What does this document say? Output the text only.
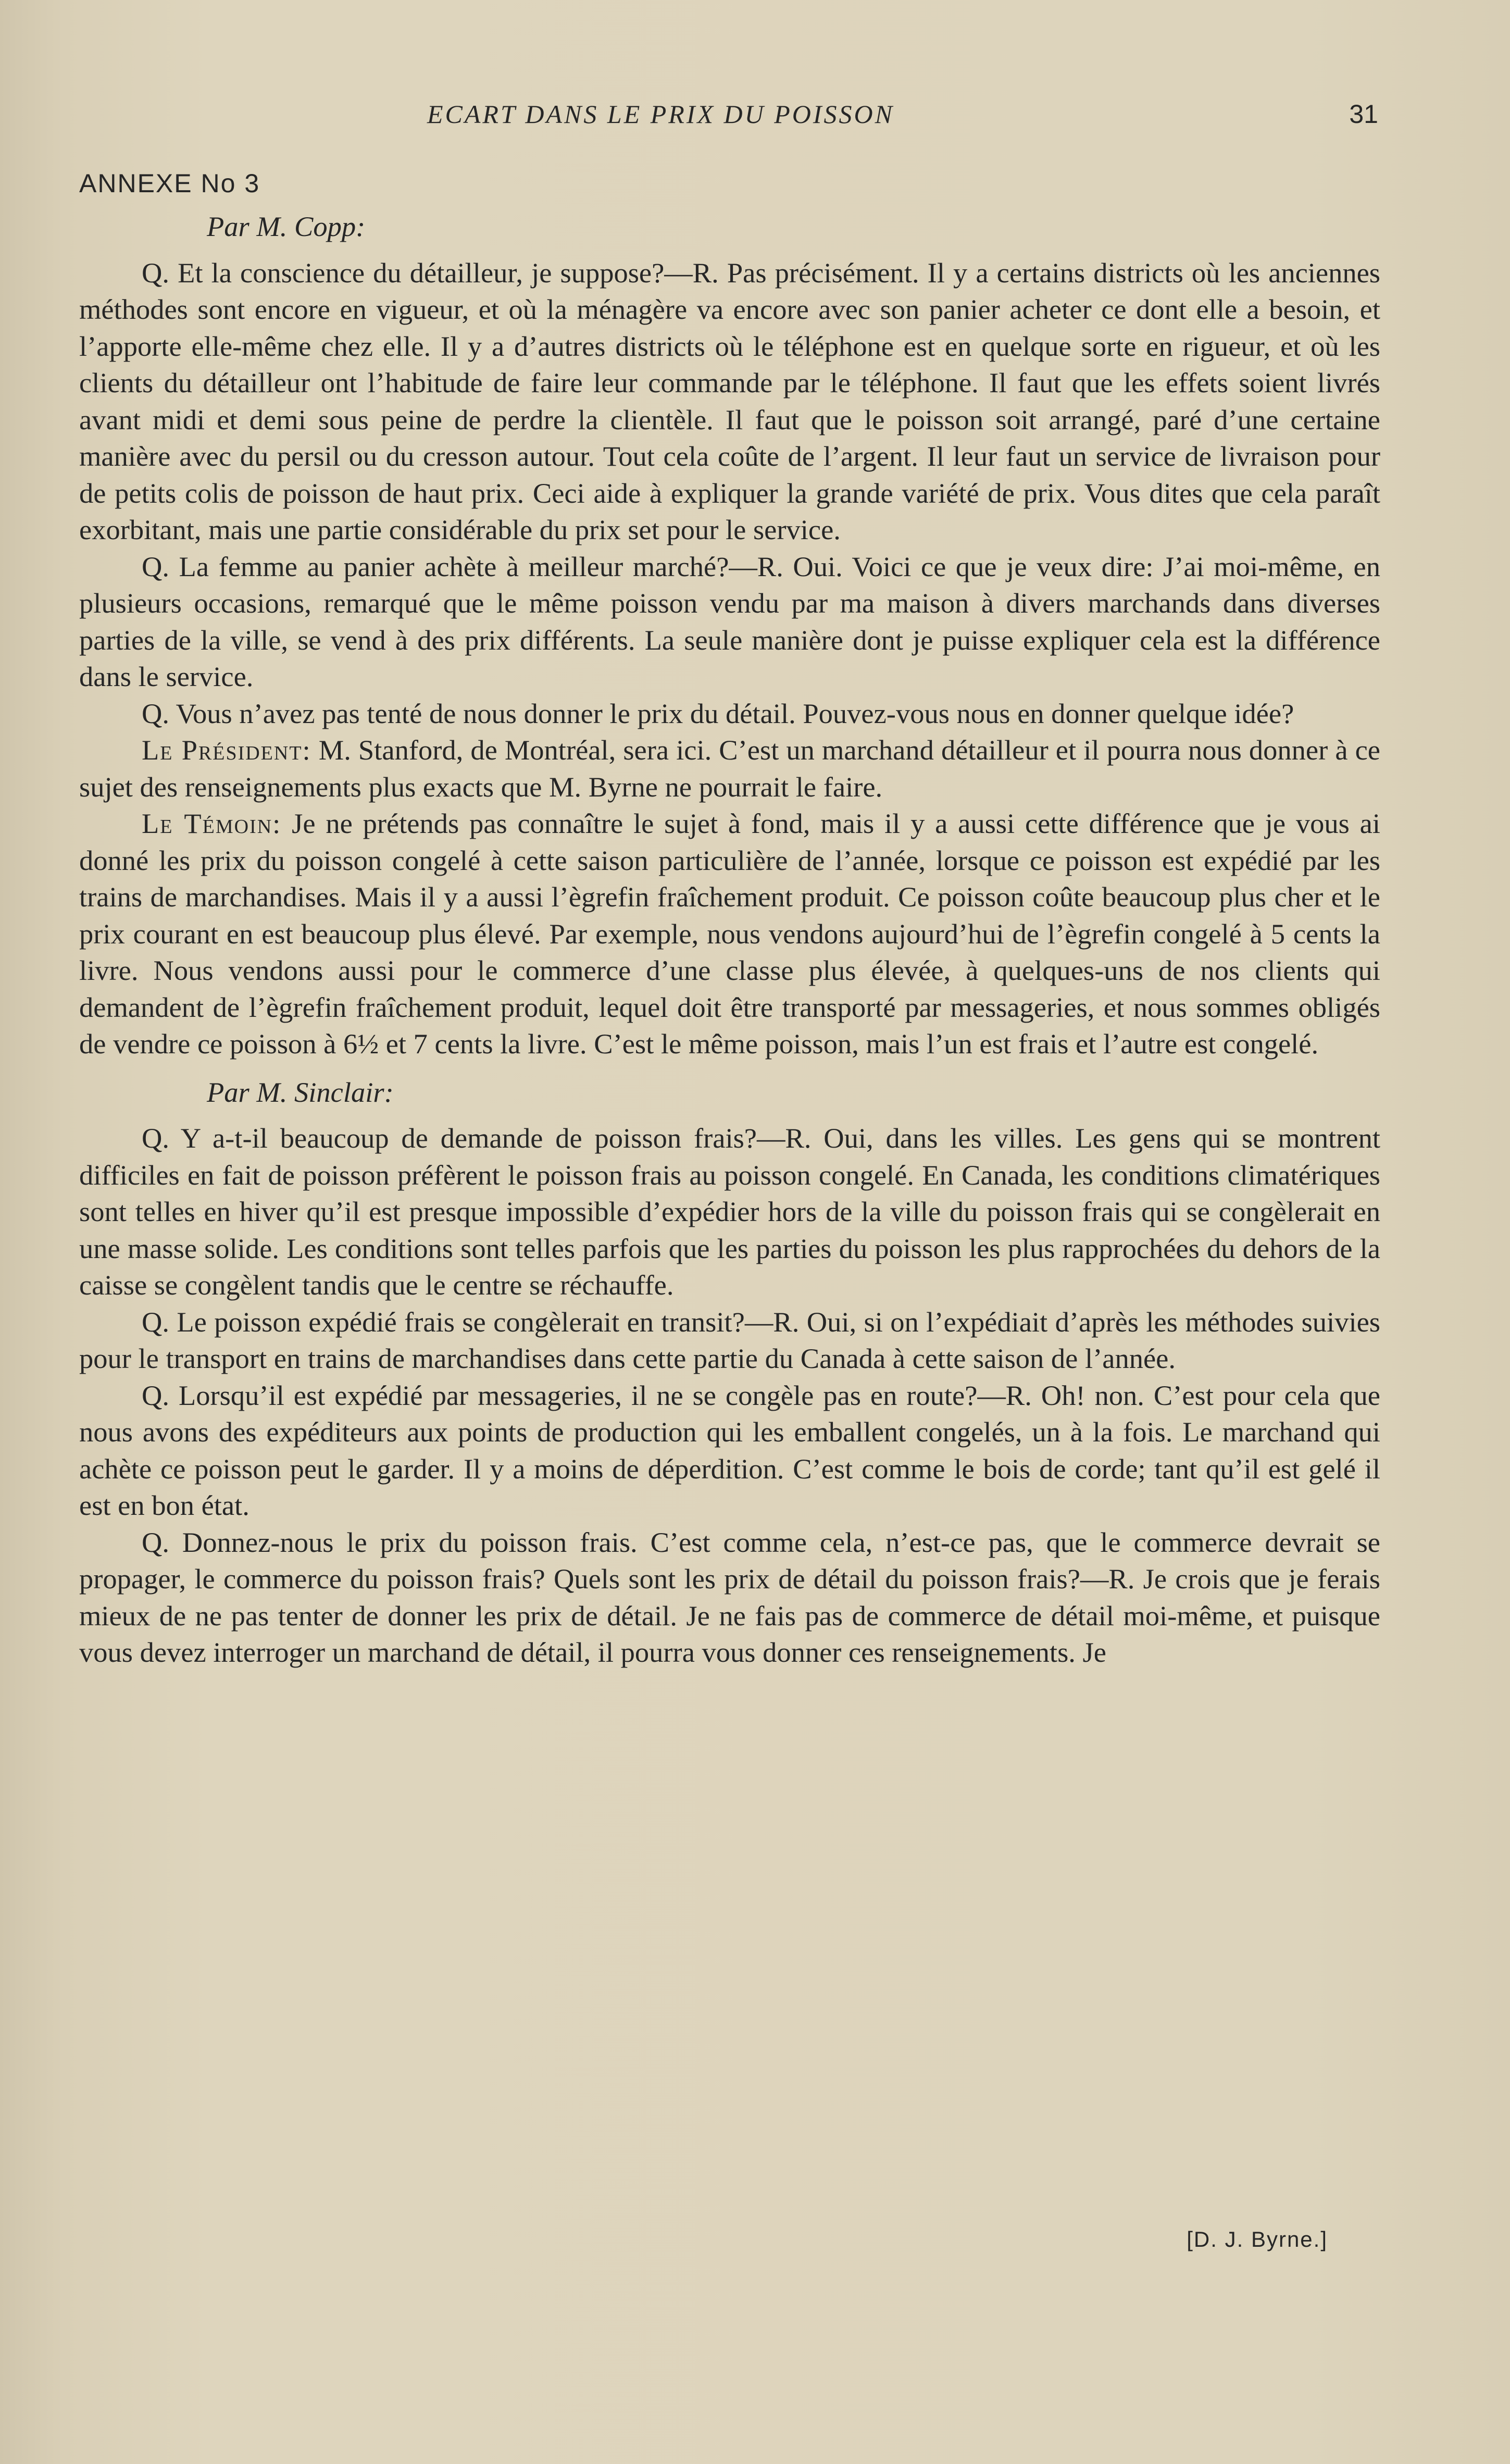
ECART DANS LE PRIX DU POISSON	31
ANNEXE No 3

Par M. Copp:

Q. Et la conscience du détailleur, je suppose?—R. Pas précisément. Il y a certains districts où les anciennes méthodes sont encore en vigueur, et où la ménagère va encore avec son panier acheter ce dont elle a besoin, et l’apporte elle-même chez elle. Il y a d’autres districts où le téléphone est en quelque sorte en rigueur, et où les clients du détailleur ont l’habitude de faire leur commande par le téléphone. Il faut que les effets soient livrés avant midi et demi sous peine de perdre la clientèle. Il faut que le poisson soit arrangé, paré d’une certaine manière avec du persil ou du cresson autour. Tout cela coûte de l’argent. Il leur faut un service de livraison pour de petits colis de poisson de haut prix. Ceci aide à expliquer la grande variété de prix. Vous dites que cela paraît exorbitant, mais une partie considérable du prix set pour le service.

Q. La femme au panier achète à meilleur marché?—R. Oui. Voici ce que je veux dire: J’ai moi-même, en plusieurs occasions, remarqué que le même poisson vendu par ma maison à divers marchands dans diverses parties de la ville, se vend à des prix différents. La seule manière dont je puisse expliquer cela est la différence dans le service.

Q. Vous n’avez pas tenté de nous donner le prix du détail. Pouvez-vous nous en donner quelque idée?

Le Président: M. Stanford, de Montréal, sera ici. C’est un marchand détailleur et il pourra nous donner à ce sujet des renseignements plus exacts que M. Byrne ne pourrait le faire.

Le Témoin: Je ne prétends pas connaître le sujet à fond, mais il y a aussi cette différence que je vous ai donné les prix du poisson congelé à cette saison particulière de l’année, lorsque ce poisson est expédié par les trains de marchandises. Mais il y a aussi l’ègrefin fraîchement produit. Ce poisson coûte beaucoup plus cher et le prix courant en est beaucoup plus élevé. Par exemple, nous vendons aujourd’hui de l’ègrefin congelé à 5 cents la livre. Nous vendons aussi pour le commerce d’une classe plus élevée, à quelques-uns de nos clients qui demandent de l’ègrefin fraîchement produit, lequel doit être transporté par messageries, et nous sommes obligés de vendre ce poisson à 6½ et 7 cents la livre. C’est le même poisson, mais l’un est frais et l’autre est congelé.

Par M. Sinclair:

Q. Y a-t-il beaucoup de demande de poisson frais?—R. Oui, dans les villes. Les gens qui se montrent difficiles en fait de poisson préfèrent le poisson frais au poisson congelé. En Canada, les conditions climatériques sont telles en hiver qu’il est presque impossible d’expédier hors de la ville du poisson frais qui se congèlerait en une masse solide. Les conditions sont telles parfois que les parties du poisson les plus rapprochées du dehors de la caisse se congèlent tandis que le centre se réchauffe.

Q. Le poisson expédié frais se congèlerait en transit?—R. Oui, si on l’expédiait d’après les méthodes suivies pour le transport en trains de marchandises dans cette partie du Canada à cette saison de l’année.

Q. Lorsqu’il est expédié par messageries, il ne se congèle pas en route?—R. Oh! non. C’est pour cela que nous avons des expéditeurs aux points de production qui les emballent congelés, un à la fois. Le marchand qui achète ce poisson peut le garder. Il y a moins de déperdition. C’est comme le bois de corde; tant qu’il est gelé il est en bon état.

Q. Donnez-nous le prix du poisson frais. C’est comme cela, n’est-ce pas, que le commerce devrait se propager, le commerce du poisson frais? Quels sont les prix de détail du poisson frais?—R. Je crois que je ferais mieux de ne pas tenter de donner les prix de détail. Je ne fais pas de commerce de détail moi-même, et puisque vous devez interroger un marchand de détail, il pourra vous donner ces renseignements. Je

[D. J. Byrne.]
